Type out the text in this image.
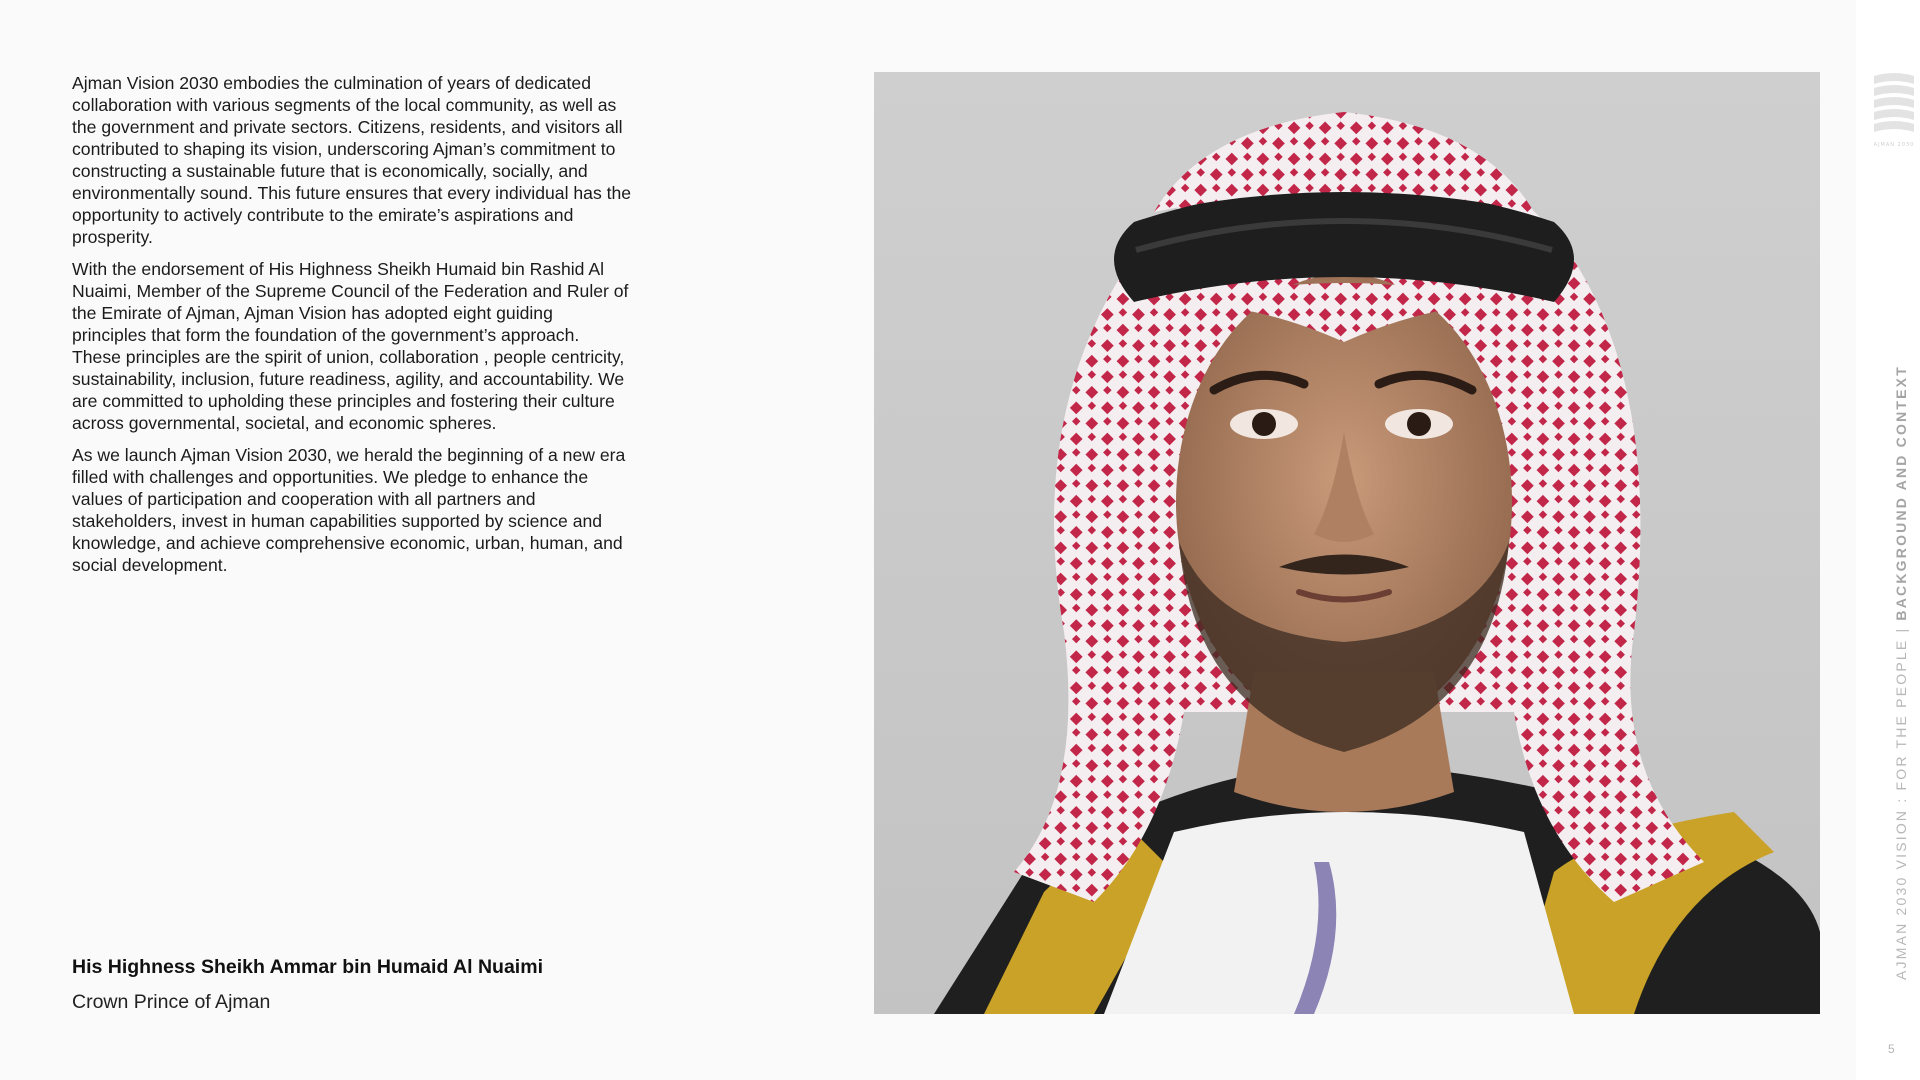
Ajman Vision 2030 embodies the culmination of years of dedicated collaboration with various segments of the local community, as well as the government and private sectors. Citizens, residents, and visitors all contributed to shaping its vision, underscoring Ajman’s commitment to constructing a sustainable future that is economically, socially, and environmentally sound. This future ensures that every individual has the opportunity to actively contribute to the emirate’s aspirations and prosperity.

With the endorsement of His Highness Sheikh Humaid bin Rashid Al Nuaimi, Member of the Supreme Council of the Federation and Ruler of the Emirate of Ajman, Ajman Vision has adopted eight guiding principles that form the foundation of the government’s approach. These principles are the spirit of union, collaboration , people centricity, sustainability, inclusion, future readiness, agility, and accountability. We are committed to upholding these principles and fostering their culture across governmental, societal, and economic spheres.

As we launch Ajman Vision 2030, we herald the beginning of a new era filled with challenges and opportunities. We pledge to enhance the values of participation and cooperation with all partners and stakeholders, invest in human capabilities supported by science and knowledge, and achieve comprehensive economic, urban, human, and social development.

His Highness Sheikh Ammar bin Humaid Al Nuaimi

Crown Prince of Ajman

AJMAN 2030
AJMAN 2030 VISION : FOR THE PEOPLE | BACKGROUND AND CONTEXT
5
